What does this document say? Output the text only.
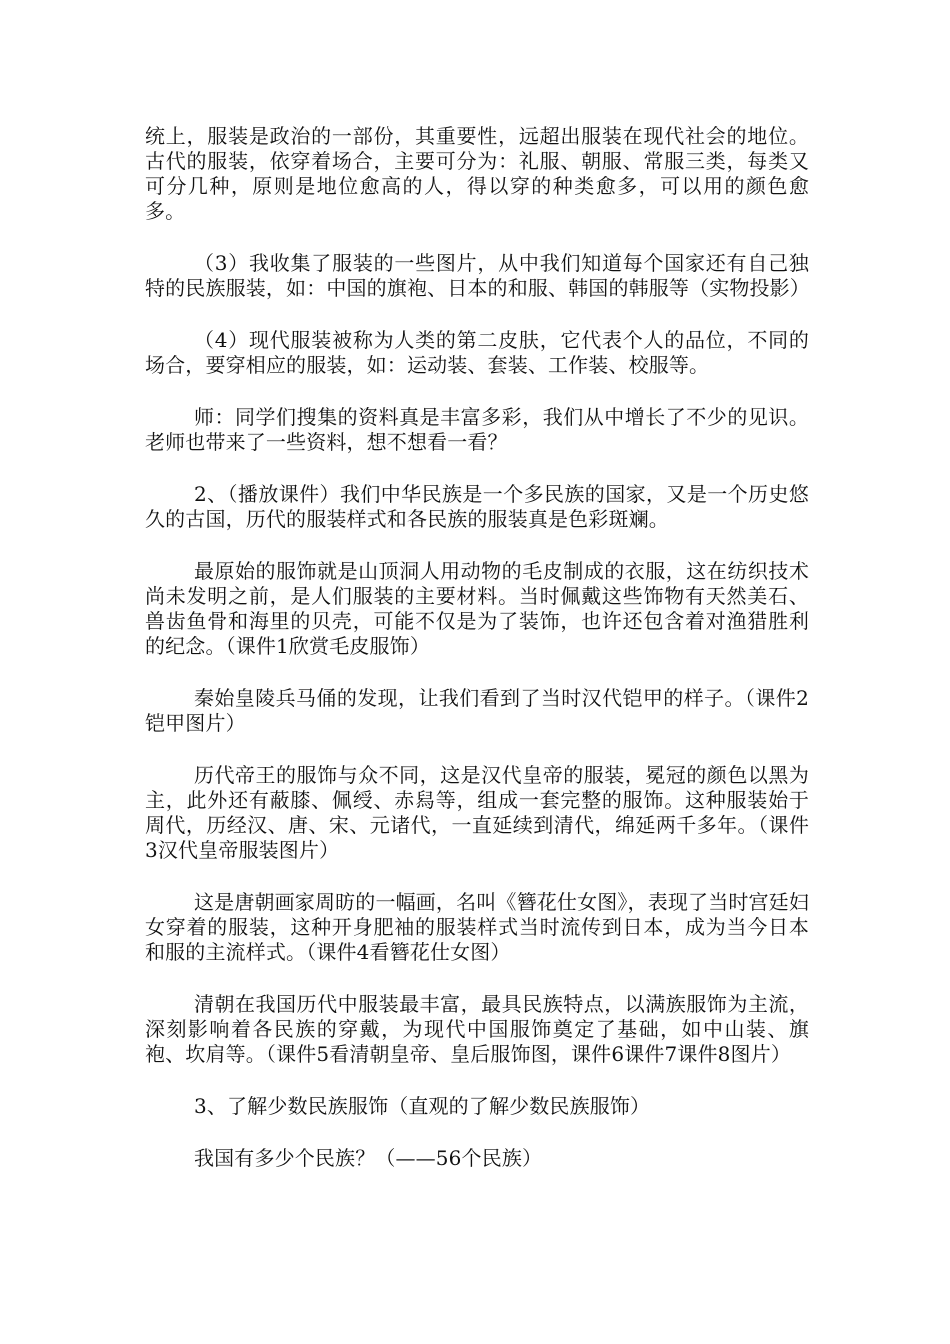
统上，服装是政治的一部份，其重要性，远超出服装在现代社会的地位。古代的服装，依穿着场合，主要可分为：礼服、朝服、常服三类，每类又可分几种，原则是地位愈高的人，得以穿的种类愈多，可以用的颜色愈多。

（3）我收集了服装的一些图片，从中我们知道每个国家还有自己独特的民族服装，如：中国的旗袍、日本的和服、韩国的韩服等（实物投影）

（4）现代服装被称为人类的第二皮肤，它代表个人的品位，不同的场合，要穿相应的服装，如：运动装、套装、工作装、校服等。

师：同学们搜集的资料真是丰富多彩，我们从中增长了不少的见识。老师也带来了一些资料，想不想看一看？

2、（播放课件）我们中华民族是一个多民族的国家，又是一个历史悠久的古国，历代的服装样式和各民族的服装真是色彩斑斓。

最原始的服饰就是山顶洞人用动物的毛皮制成的衣服，这在纺织技术尚未发明之前，是人们服装的主要材料。当时佩戴这些饰物有天然美石、兽齿鱼骨和海里的贝壳，可能不仅是为了装饰，也许还包含着对渔猎胜利的纪念。（课件1欣赏毛皮服饰）

秦始皇陵兵马俑的发现，让我们看到了当时汉代铠甲的样子。（课件2铠甲图片）

历代帝王的服饰与众不同，这是汉代皇帝的服装，冕冠的颜色以黑为主，此外还有蔽膝、佩绶、赤舄等，组成一套完整的服饰。这种服装始于周代，历经汉、唐、宋、元诸代，一直延续到清代，绵延两千多年。（课件3汉代皇帝服装图片）

这是唐朝画家周昉的一幅画，名叫《簪花仕女图》，表现了当时宫廷妇女穿着的服装，这种开身肥袖的服装样式当时流传到日本，成为当今日本和服的主流样式。（课件4看簪花仕女图）

清朝在我国历代中服装最丰富，最具民族特点，以满族服饰为主流，深刻影响着各民族的穿戴，为现代中国服饰奠定了基础，如中山装、旗袍、坎肩等。（课件5看清朝皇帝、皇后服饰图，课件6课件7课件8图片）

3、了解少数民族服饰（直观的了解少数民族服饰）

我国有多少个民族？（——56个民族）
